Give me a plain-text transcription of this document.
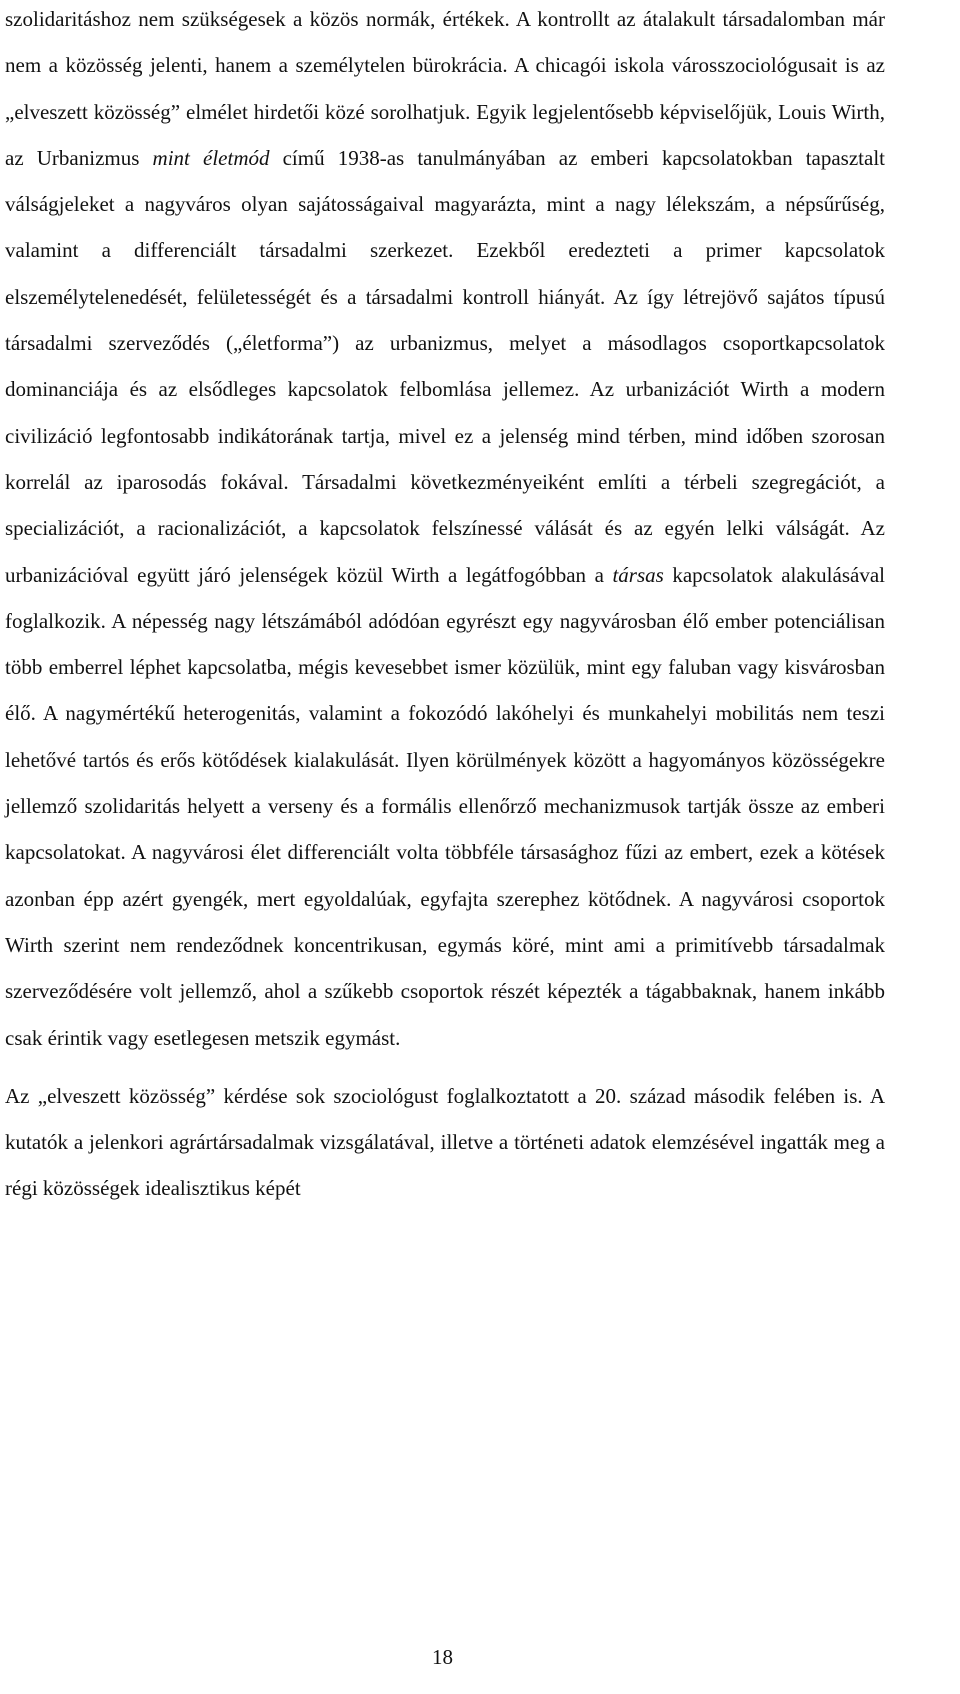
szolidaritáshoz nem szükségesek a közös normák, értékek. A kontrollt az átalakult társadalomban már nem a közösség jelenti, hanem a személytelen bürokrácia. A chicagói iskola városszociológusait is az „elveszett közösség” elmélet hirdetői közé sorolhatjuk. Egyik legjelentősebb képviselőjük, Louis Wirth, az Urbanizmus mint életmód című 1938-as tanulmányában az emberi kapcsolatokban tapasztalt válságjeleket a nagyváros olyan sajátosságaival magyarázta, mint a nagy lélekszám, a népsűrűség, valamint a differenciált társadalmi szerkezet. Ezekből eredezteti a primer kapcsolatok elszemélytelenedését, felületességét és a társadalmi kontroll hiányát. Az így létrejövő sajátos típusú társadalmi szerveződés („életforma”) az urbanizmus, melyet a másodlagos csoportkapcsolatok dominanciája és az elsődleges kapcsolatok felbomlása jellemez. Az urbanizációt Wirth a modern civilizáció legfontosabb indikátorának tartja, mivel ez a jelenség mind térben, mind időben szorosan korrelál az iparosodás fokával. Társadalmi következményeiként említi a térbeli szegregációt, a specializációt, a racionalizációt, a kapcsolatok felszínessé válását és az egyén lelki válságát. Az urbanizációval együtt járó jelenségek közül Wirth a legátfogóbban a társas kapcsolatok alakulásával foglalkozik. A népesség nagy létszámából adódóan egyrészt egy nagyvárosban élő ember potenciálisan több emberrel léphet kapcsolatba, mégis kevesebbet ismer közülük, mint egy faluban vagy kisvárosban élő. A nagymértékű heterogenitás, valamint a fokozódó lakóhelyi és munkahelyi mobilitás nem teszi lehetővé tartós és erős kötődések kialakulását. Ilyen körülmények között a hagyományos közösségekre jellemző szolidaritás helyett a verseny és a formális ellenőrző mechanizmusok tartják össze az emberi kapcsolatokat. A nagyvárosi élet differenciált volta többféle társasághoz fűzi az embert, ezek a kötések azonban épp azért gyengék, mert egyoldalúak, egyfajta szerephez kötődnek. A nagyvárosi csoportok Wirth szerint nem rendeződnek koncentrikusan, egymás köré, mint ami a primitívebb társadalmak szerveződésére volt jellemző, ahol a szűkebb csoportok részét képezték a tágabbaknak, hanem inkább csak érintik vagy esetlegesen metszik egymást.

Az „elveszett közösség” kérdése sok szociológust foglalkoztatott a 20. század második felében is. A kutatók a jelenkori agrártársadalmak vizsgálatával, illetve a történeti adatok elemzésével ingatták meg a régi közösségek idealisztikus képét

18
